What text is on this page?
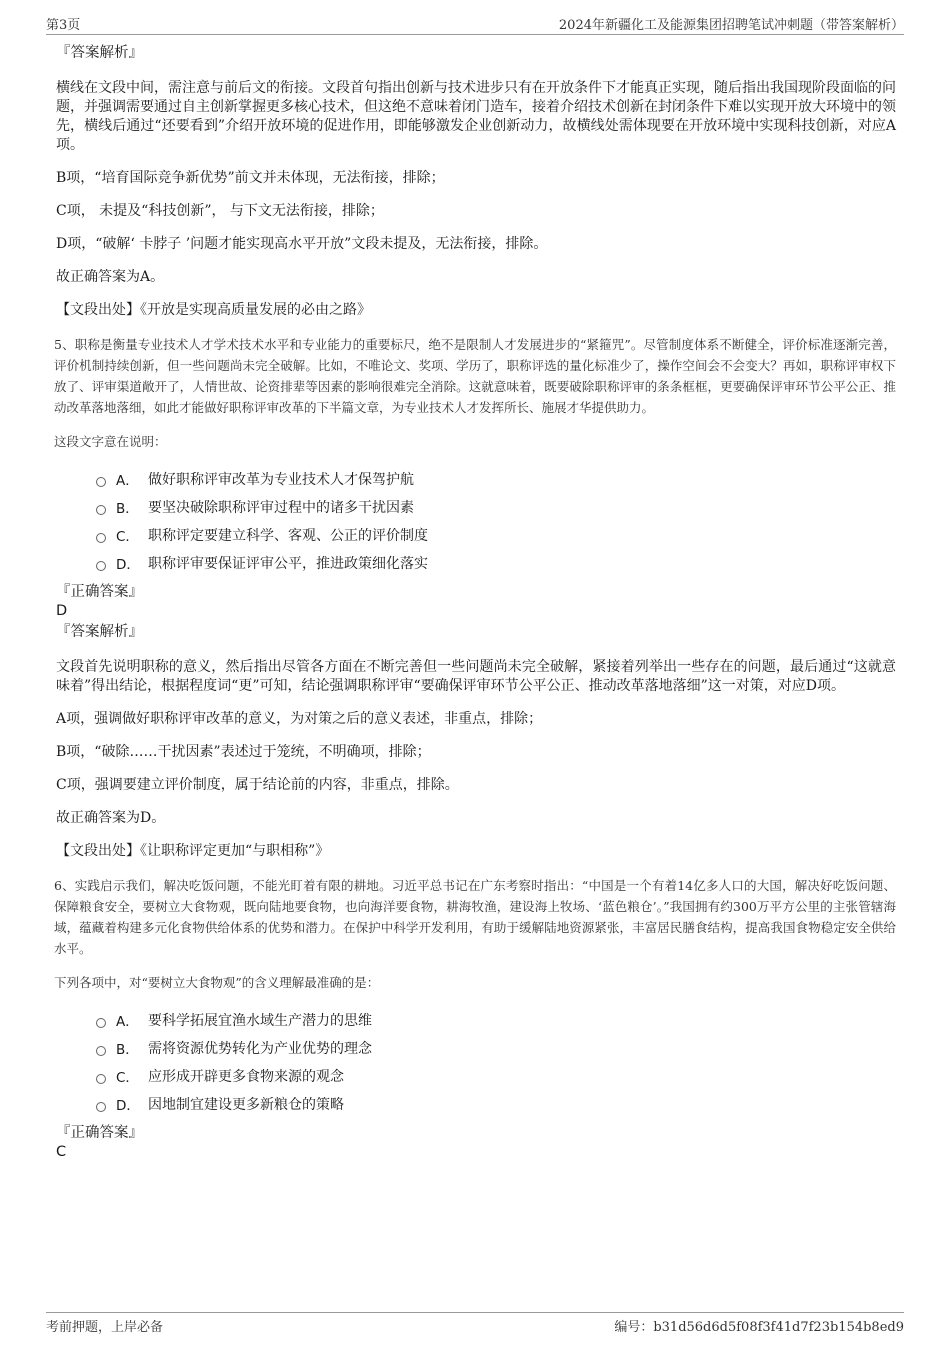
第3页	2024年新疆化工及能源集团招聘笔试冲刺题（带答案解析）

『答案解析』

横线在文段中间，需注意与前后文的衔接。文段首句指出创新与技术进步只有在开放条件下才能真正实现，随后指出我国现阶段面临的问题，并强调需要通过自主创新掌握更多核心技术，但这绝不意味着闭门造车，接着介绍技术创新在封闭条件下难以实现开放大环境中的领先，横线后通过“还要看到”介绍开放环境的促进作用，即能够激发企业创新动力，故横线处需体现要在开放环境中实现科技创新，对应A项。

B项，“培育国际竞争新优势”前文并未体现，无法衔接，排除；

C项， 未提及“科技创新”， 与下文无法衔接，排除；

D项，“破解‘ 卡脖子 ’问题才能实现高水平开放”文段未提及，无法衔接，排除。

故正确答案为A。

【文段出处】《开放是实现高质量发展的必由之路》

5、职称是衡量专业技术人才学术技术水平和专业能力的重要标尺，绝不是限制人才发展进步的“紧箍咒”。尽管制度体系不断健全，评价标准逐渐完善，评价机制持续创新，但一些问题尚未完全破解。比如，不唯论文、奖项、学历了，职称评选的量化标准少了，操作空间会不会变大？再如，职称评审权下放了、评审渠道敞开了，人情世故、论资排辈等因素的影响很难完全消除。这就意味着，既要破除职称评审的条条框框，更要确保评审环节公平公正、推动改革落地落细，如此才能做好职称评审改革的下半篇文章，为专业技术人才发挥所长、施展才华提供助力。

这段文字意在说明：

A． 做好职称评审改革为专业技术人才保驾护航
B． 要坚决破除职称评审过程中的诸多干扰因素
C． 职称评定要建立科学、客观、公正的评价制度
D． 职称评审要保证评审公平，推进政策细化落实

『正确答案』

D

『答案解析』

文段首先说明职称的意义，然后指出尽管各方面在不断完善但一些问题尚未完全破解，紧接着列举出一些存在的问题，最后通过“这就意味着”得出结论，根据程度词“更”可知，结论强调职称评审“要确保评审环节公平公正、推动改革落地落细”这一对策，对应D项。

A项，强调做好职称评审改革的意义，为对策之后的意义表述，非重点，排除；

B项，“破除……干扰因素”表述过于笼统，不明确项，排除；

C项，强调要建立评价制度，属于结论前的内容，非重点，排除。

故正确答案为D。

【文段出处】《让职称评定更加“与职相称”》

6、实践启示我们，解决吃饭问题，不能光盯着有限的耕地。习近平总书记在广东考察时指出：“中国是一个有着14亿多人口的大国，解决好吃饭问题、保障粮食安全，要树立大食物观，既向陆地要食物，也向海洋要食物，耕海牧渔，建设海上牧场、‘蓝色粮仓’。”我国拥有约300万平方公里的主张管辖海域，蕴藏着构建多元化食物供给体系的优势和潜力。在保护中科学开发利用，有助于缓解陆地资源紧张，丰富居民膳食结构，提高我国食物稳定安全供给水平。

下列各项中，对“要树立大食物观”的含义理解最准确的是：

A． 要科学拓展宜渔水域生产潜力的思维
B． 需将资源优势转化为产业优势的理念
C． 应形成开辟更多食物来源的观念
D． 因地制宜建设更多新粮仓的策略

『正确答案』

C

考前押题，上岸必备	编号：b31d56d6d5f08f3f41d7f23b154b8ed9
